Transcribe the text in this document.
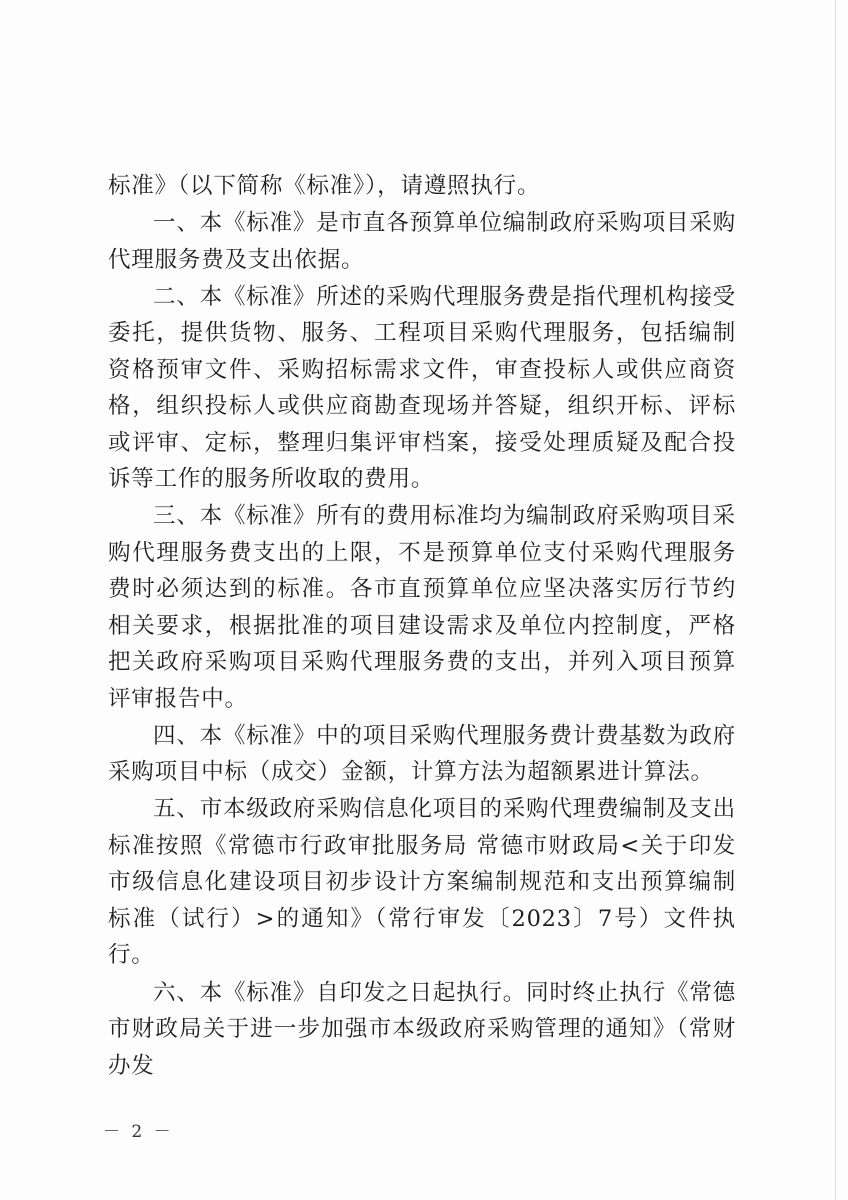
标准》（以下简称《标准》），请遵照执行。

一、本《标准》是市直各预算单位编制政府采购项目采购代理服务费及支出依据。

二、本《标准》所述的采购代理服务费是指代理机构接受委托，提供货物、服务、工程项目采购代理服务，包括编制资格预审文件、采购招标需求文件，审查投标人或供应商资格，组织投标人或供应商勘查现场并答疑，组织开标、评标或评审、定标，整理归集评审档案，接受处理质疑及配合投诉等工作的服务所收取的费用。

三、本《标准》所有的费用标准均为编制政府采购项目采购代理服务费支出的上限，不是预算单位支付采购代理服务费时必须达到的标准。各市直预算单位应坚决落实厉行节约相关要求，根据批准的项目建设需求及单位内控制度，严格把关政府采购项目采购代理服务费的支出，并列入项目预算评审报告中。

四、本《标准》中的项目采购代理服务费计费基数为政府采购项目中标（成交）金额，计算方法为超额累进计算法。

五、市本级政府采购信息化项目的采购代理费编制及支出标准按照《常德市行政审批服务局 常德市财政局<关于印发市级信息化建设项目初步设计方案编制规范和支出预算编制标准（试行）>的通知》（常行审发〔2023〕7号）文件执行。

六、本《标准》自印发之日起执行。同时终止执行《常德市财政局关于进一步加强市本级政府采购管理的通知》（常财办发

－ 2 －
